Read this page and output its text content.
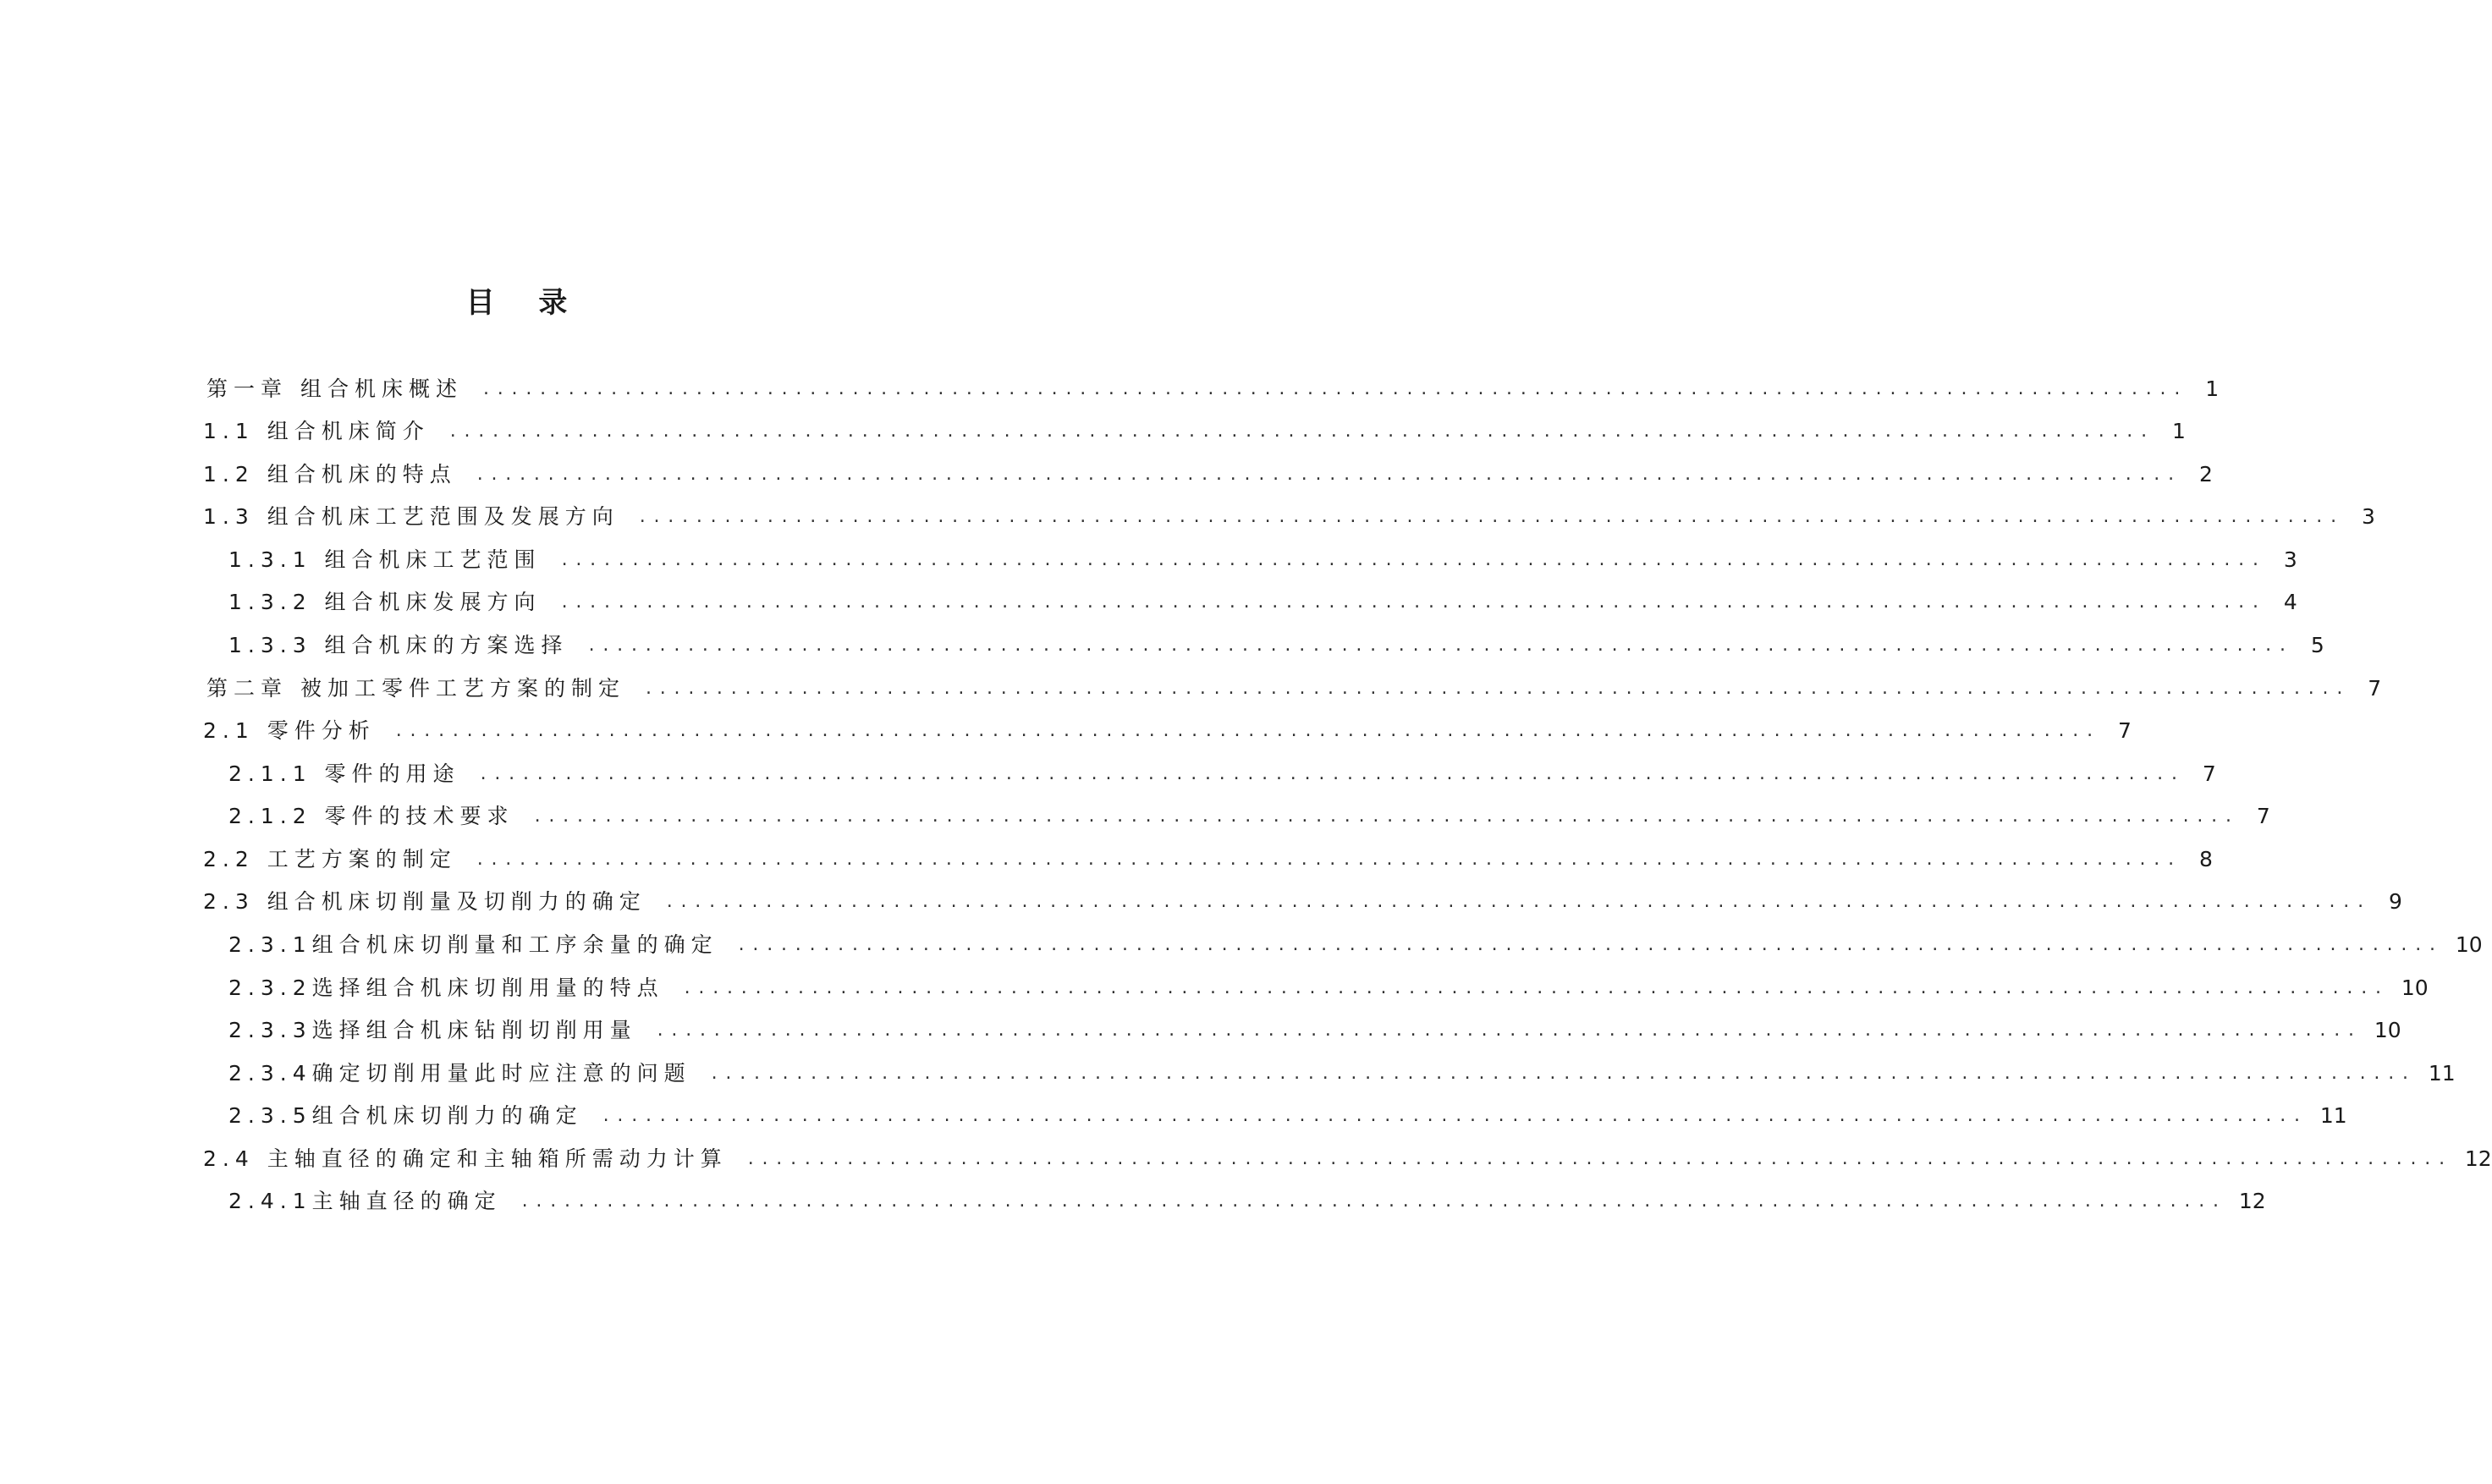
目 录
第一章 组合机床概述 ........................................................................................................................ 1
1.1 组合机床简介 ........................................................................................................................ 1
1.2 组合机床的特点 ........................................................................................................................ 2
1.3 组合机床工艺范围及发展方向 ........................................................................................................................ 3
1.3.1 组合机床工艺范围 ........................................................................................................................ 3
1.3.2 组合机床发展方向 ........................................................................................................................ 4
1.3.3 组合机床的方案选择 ........................................................................................................................ 5
第二章 被加工零件工艺方案的制定 ........................................................................................................................ 7
2.1 零件分析 ........................................................................................................................ 7
2.1.1 零件的用途 ........................................................................................................................ 7
2.1.2 零件的技术要求 ........................................................................................................................ 7
2.2 工艺方案的制定 ........................................................................................................................ 8
2.3 组合机床切削量及切削力的确定 ........................................................................................................................ 9
2.3.1组合机床切削量和工序余量的确定 ........................................................................................................................ 10
2.3.2选择组合机床切削用量的特点 ........................................................................................................................ 10
2.3.3选择组合机床钻削切削用量 ........................................................................................................................ 10
2.3.4确定切削用量此时应注意的问题 ........................................................................................................................ 11
2.3.5组合机床切削力的确定 ........................................................................................................................ 11
2.4 主轴直径的确定和主轴箱所需动力计算 ........................................................................................................................ 12
2.4.1主轴直径的确定 ........................................................................................................................ 12
